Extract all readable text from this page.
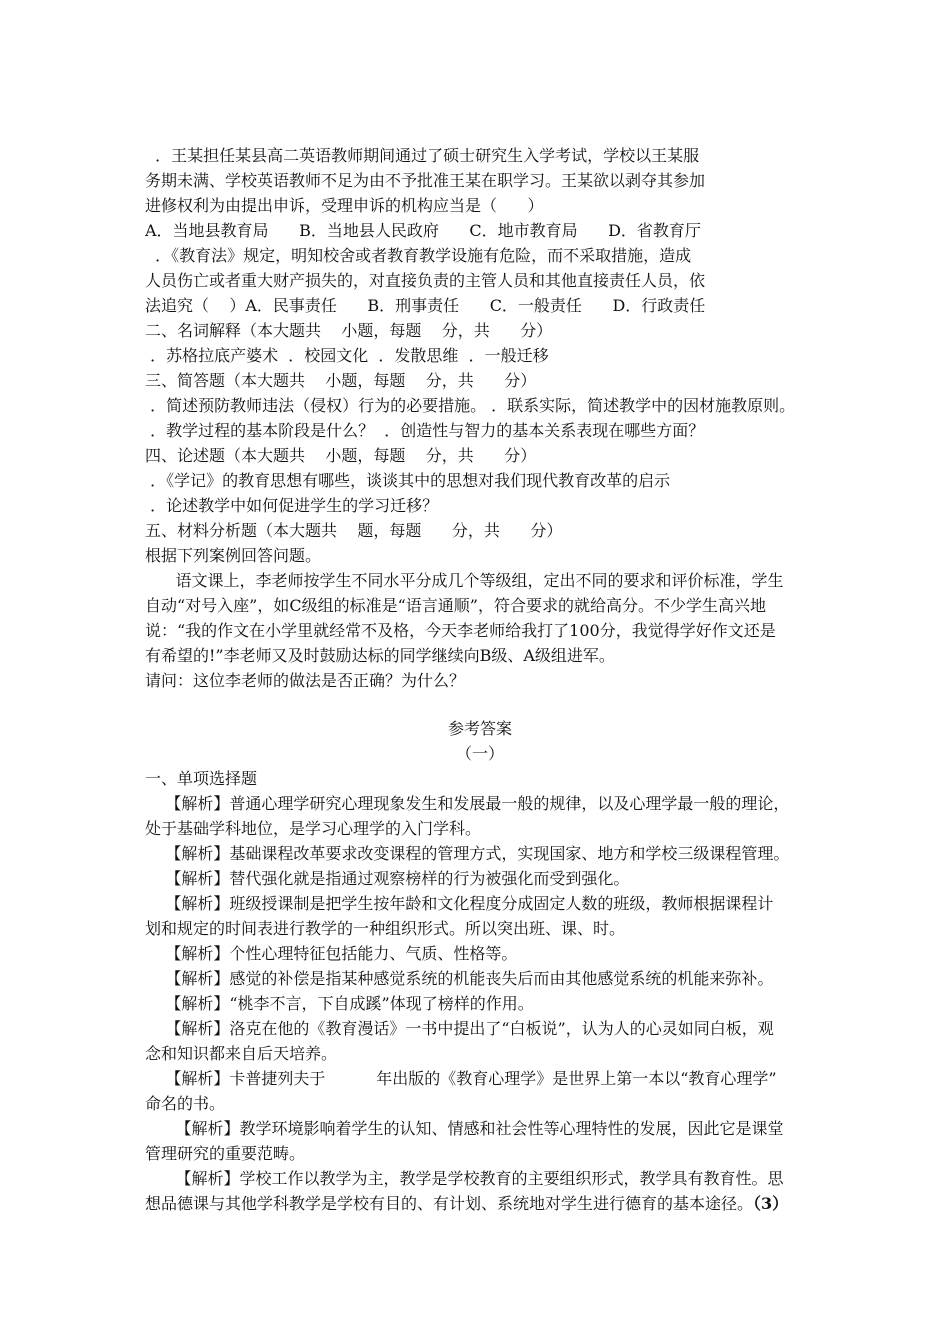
．王某担任某县高二英语教师期间通过了硕士研究生入学考试，学校以王某服
务期未满、学校英语教师不足为由不予批准王某在职学习。王某欲以剥夺其参加
进修权利为由提出申诉，受理申诉的机构应当是（      ）
A．当地县教育局      B．当地县人民政府      C．地市教育局      D．省教育厅
．《教育法》规定，明知校舍或者教育教学设施有危险，而不采取措施，造成
人员伤亡或者重大财产损失的，对直接负责的主管人员和其他直接责任人员，依
法追究（    ）A．民事责任      B．刑事责任      C．一般责任      D．行政责任
二、名词解释（本大题共    小题，每题    分，共      分）
．苏格拉底产婆术  ．校园文化  ．发散思维  ．一般迁移
三、简答题（本大题共    小题，每题    分，共      分）
．简述预防教师违法（侵权）行为的必要措施。 ．联系实际，简述教学中的因材施教原则。
．教学过程的基本阶段是什么？  ．创造性与智力的基本关系表现在哪些方面？
四、论述题（本大题共    小题，每题    分，共      分）
．《学记》的教育思想有哪些，谈谈其中的思想对我们现代教育改革的启示
．论述教学中如何促进学生的学习迁移？
五、材料分析题（本大题共    题，每题      分，共      分）
根据下列案例回答问题。
语文课上，李老师按学生不同水平分成几个等级组，定出不同的要求和评价标准，学生
自动“对号入座”，如C级组的标准是“语言通顺”，符合要求的就给高分。不少学生高兴地
说：“我的作文在小学里就经常不及格，今天李老师给我打了100分，我觉得学好作文还是
有希望的!”李老师又及时鼓励达标的同学继续向B级、A级组进军。
请问：这位李老师的做法是否正确？为什么？
参考答案
（一）
一、单项选择题
【解析】普通心理学研究心理现象发生和发展最一般的规律，以及心理学最一般的理论，
处于基础学科地位，是学习心理学的入门学科。
【解析】基础课程改革要求改变课程的管理方式，实现国家、地方和学校三级课程管理。
【解析】替代强化就是指通过观察榜样的行为被强化而受到强化。
【解析】班级授课制是把学生按年龄和文化程度分成固定人数的班级，教师根据课程计
划和规定的时间表进行教学的一种组织形式。所以突出班、课、时。
【解析】个性心理特征包括能力、气质、性格等。
【解析】感觉的补偿是指某种感觉系统的机能丧失后而由其他感觉系统的机能来弥补。
【解析】“桃李不言，下自成蹊”体现了榜样的作用。
【解析】洛克在他的《教育漫话》一书中提出了“白板说”，认为人的心灵如同白板，观
念和知识都来自后天培养。
【解析】卡普捷列夫于          年出版的《教育心理学》是世界上第一本以“教育心理学”
命名的书。
【解析】教学环境影响着学生的认知、情感和社会性等心理特性的发展，因此它是课堂
管理研究的重要范畴。
【解析】学校工作以教学为主，教学是学校教育的主要组织形式，教学具有教育性。思
想品德课与其他学科教学是学校有目的、有计划、系统地对学生进行德育的基本途径。（3）
